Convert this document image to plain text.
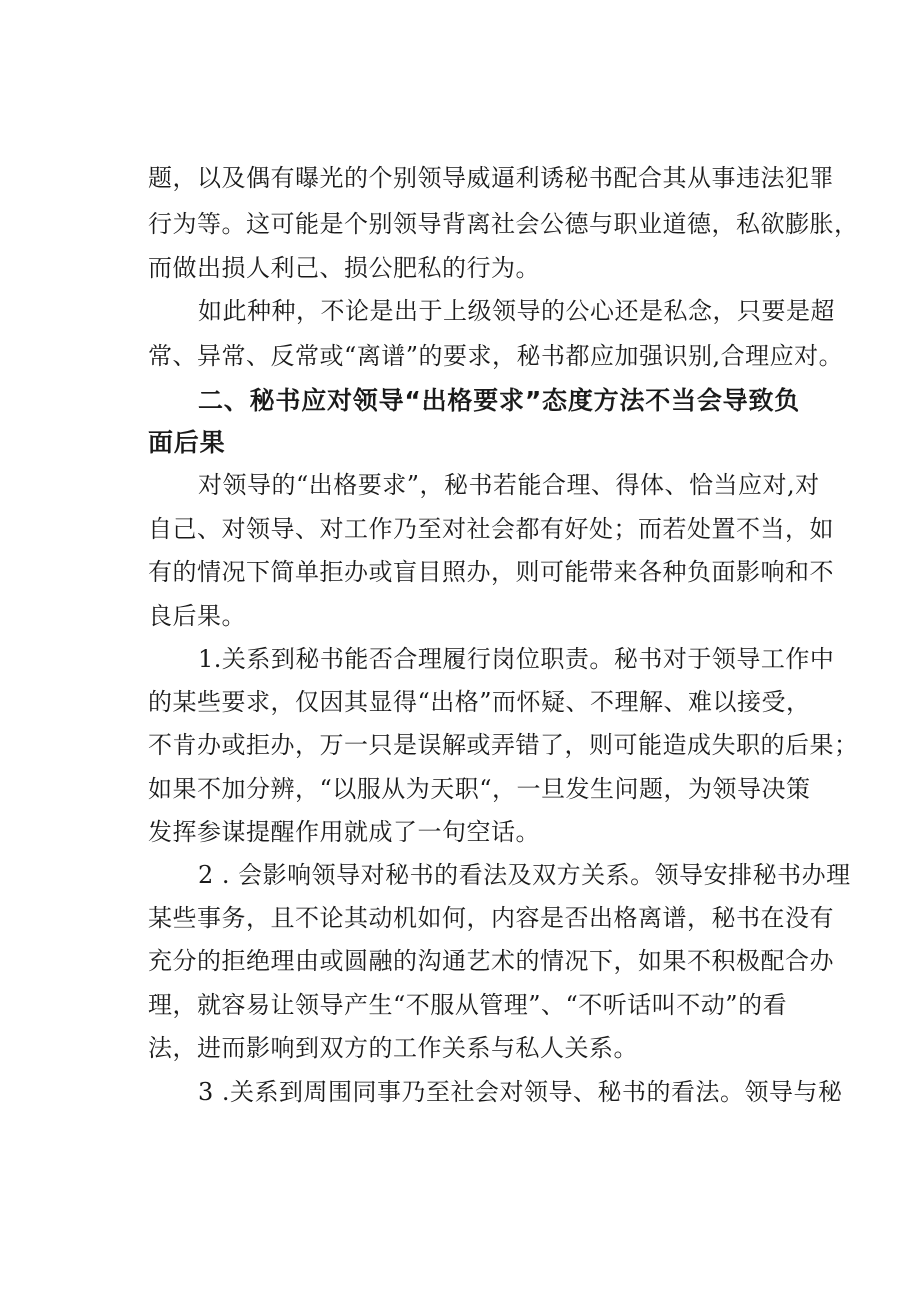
题，以及偶有曝光的个别领导威逼利诱秘书配合其从事违法犯罪
行为等。这可能是个别领导背离社会公德与职业道德，私欲膨胀，
而做出损人利己、损公肥私的行为。
如此种种，不论是出于上级领导的公心还是私念，只要是超
常、异常、反常或“离谱”的要求，秘书都应加强识别,合理应对。
二、秘书应对领导“出格要求”态度方法不当会导致负
面后果
对领导的“出格要求”，秘书若能合理、得体、恰当应对,对
自己、对领导、对工作乃至对社会都有好处；而若处置不当，如
有的情况下简单拒办或盲目照办，则可能带来各种负面影响和不
良后果。
1.关系到秘书能否合理履行岗位职责。秘书对于领导工作中
的某些要求，仅因其显得“出格”而怀疑、不理解、难以接受，
不肯办或拒办，万一只是误解或弄错了，则可能造成失职的后果；
如果不加分辨，“以服从为天职“，一旦发生问题，为领导决策
发挥参谋提醒作用就成了一句空话。
2 . 会影响领导对秘书的看法及双方关系。领导安排秘书办理
某些事务，且不论其动机如何，内容是否出格离谱，秘书在没有
充分的拒绝理由或圆融的沟通艺术的情况下，如果不积极配合办
理，就容易让领导产生“不服从管理”、“不听话叫不动”的看
法，进而影响到双方的工作关系与私人关系。
3 .关系到周围同事乃至社会对领导、秘书的看法。领导与秘
